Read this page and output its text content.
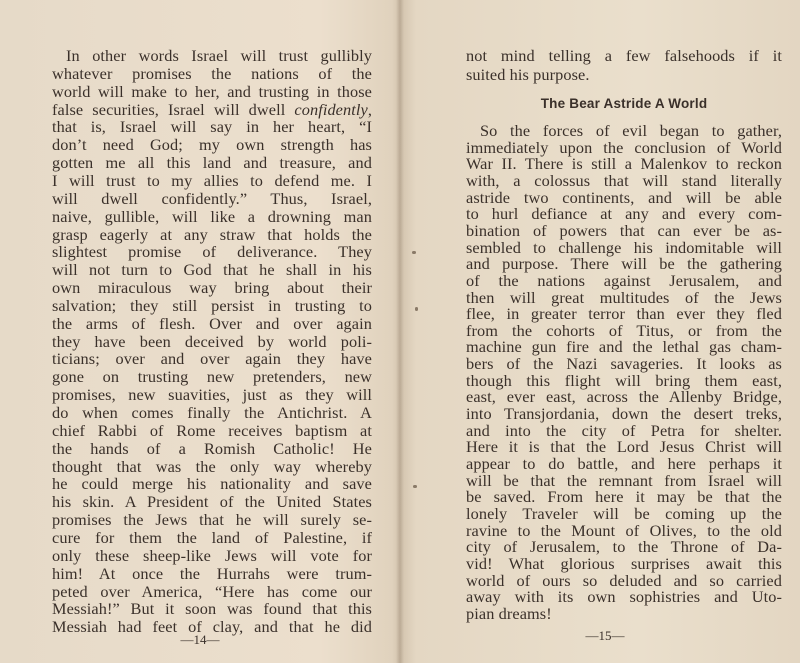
In other words Israel will trust gullibly
whatever promises the nations of the
world will make to her, and trusting in those
false securities, Israel will dwell confidently,
that is, Israel will say in her heart, “I
don’t need God; my own strength has
gotten me all this land and treasure, and
I will trust to my allies to defend me. I
will dwell confidently.” Thus, Israel,
naive, gullible, will like a drowning man
grasp eagerly at any straw that holds the
slightest promise of deliverance. They
will not turn to God that he shall in his
own miraculous way bring about their
salvation; they still persist in trusting to
the arms of flesh. Over and over again
they have been deceived by world poli-
ticians; over and over again they have
gone on trusting new pretenders, new
promises, new suavities, just as they will
do when comes finally the Antichrist. A
chief Rabbi of Rome receives baptism at
the hands of a Romish Catholic! He
thought that was the only way whereby
he could merge his nationality and save
his skin. A President of the United States
promises the Jews that he will surely se-
cure for them the land of Palestine, if
only these sheep-like Jews will vote for
him! At once the Hurrahs were trum-
peted over America, “Here has come our
Messiah!” But it soon was found that this
Messiah had feet of clay, and that he did
The Bear Astride A World
not mind telling a few falsehoods if it
suited his purpose.
So the forces of evil began to gather,
immediately upon the conclusion of World
War II. There is still a Malenkov to reckon
with, a colossus that will stand literally
astride two continents, and will be able
to hurl defiance at any and every com-
bination of powers that can ever be as-
sembled to challenge his indomitable will
and purpose. There will be the gathering
of the nations against Jerusalem, and
then will great multitudes of the Jews
flee, in greater terror than ever they fled
from the cohorts of Titus, or from the
machine gun fire and the lethal gas cham-
bers of the Nazi savageries. It looks as
though this flight will bring them east,
east, ever east, across the Allenby Bridge,
into Transjordania, down the desert treks,
and into the city of Petra for shelter.
Here it is that the Lord Jesus Christ will
appear to do battle, and here perhaps it
will be that the remnant from Israel will
be saved. From here it may be that the
lonely Traveler will be coming up the
ravine to the Mount of Olives, to the old
city of Jerusalem, to the Throne of Da-
vid! What glorious surprises await this
world of ours so deluded and so carried
away with its own sophistries and Uto-
pian dreams!
—14—	—15—
